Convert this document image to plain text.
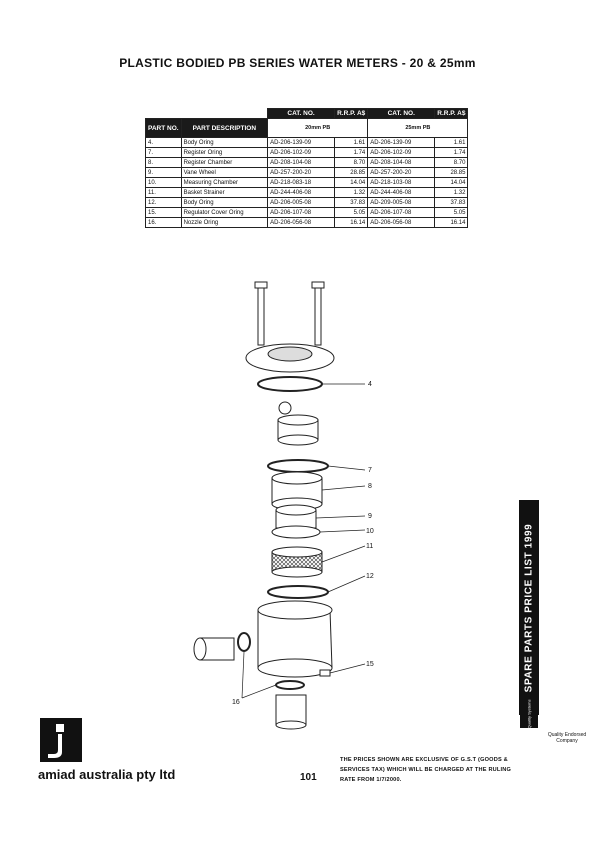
PLASTIC BODIED PB SERIES WATER METERS - 20 & 25mm
		CAT. NO.	R.R.P. A$	CAT. NO.	R.R.P. A$
PART NO.	PART DESCRIPTION	20mm PB		25mm PB	
4.	Body Oring	AD-206-139-09	1.61	AD-206-139-09	1.61
7.	Register Oring	AD-206-102-09	1.74	AD-206-102-09	1.74
8.	Register Chamber	AD-208-104-08	8.70	AD-208-104-08	8.70
9.	Vane Wheel	AD-257-200-20	28.85	AD-257-200-20	28.85
10.	Measuring Chamber	AD-218-083-18	14.04	AD-218-103-08	14.04
11.	Basket Strainer	AD-244-406-08	1.32	AD-244-406-08	1.32
12.	Body Oring	AD-206-005-08	37.83	AD-209-005-08	37.83
15.	Regulator Cover Oring	AD-206-107-08	5.05	AD-206-107-08	5.05
16.	Nozzle Oring	AD-206-056-08	16.14	AD-206-056-08	16.14
4
7
8
9
10
11
12
15
16
SPARE PARTS PRICE LIST 1999
Quality Systems
Quality Endorsed Company
amiad australia pty ltd	101
THE PRICES SHOWN ARE EXCLUSIVE OF G.S.T (GOODS & SERVICES TAX) WHICH WILL BE CHARGED AT THE RULING RATE FROM 1/7/2000.
